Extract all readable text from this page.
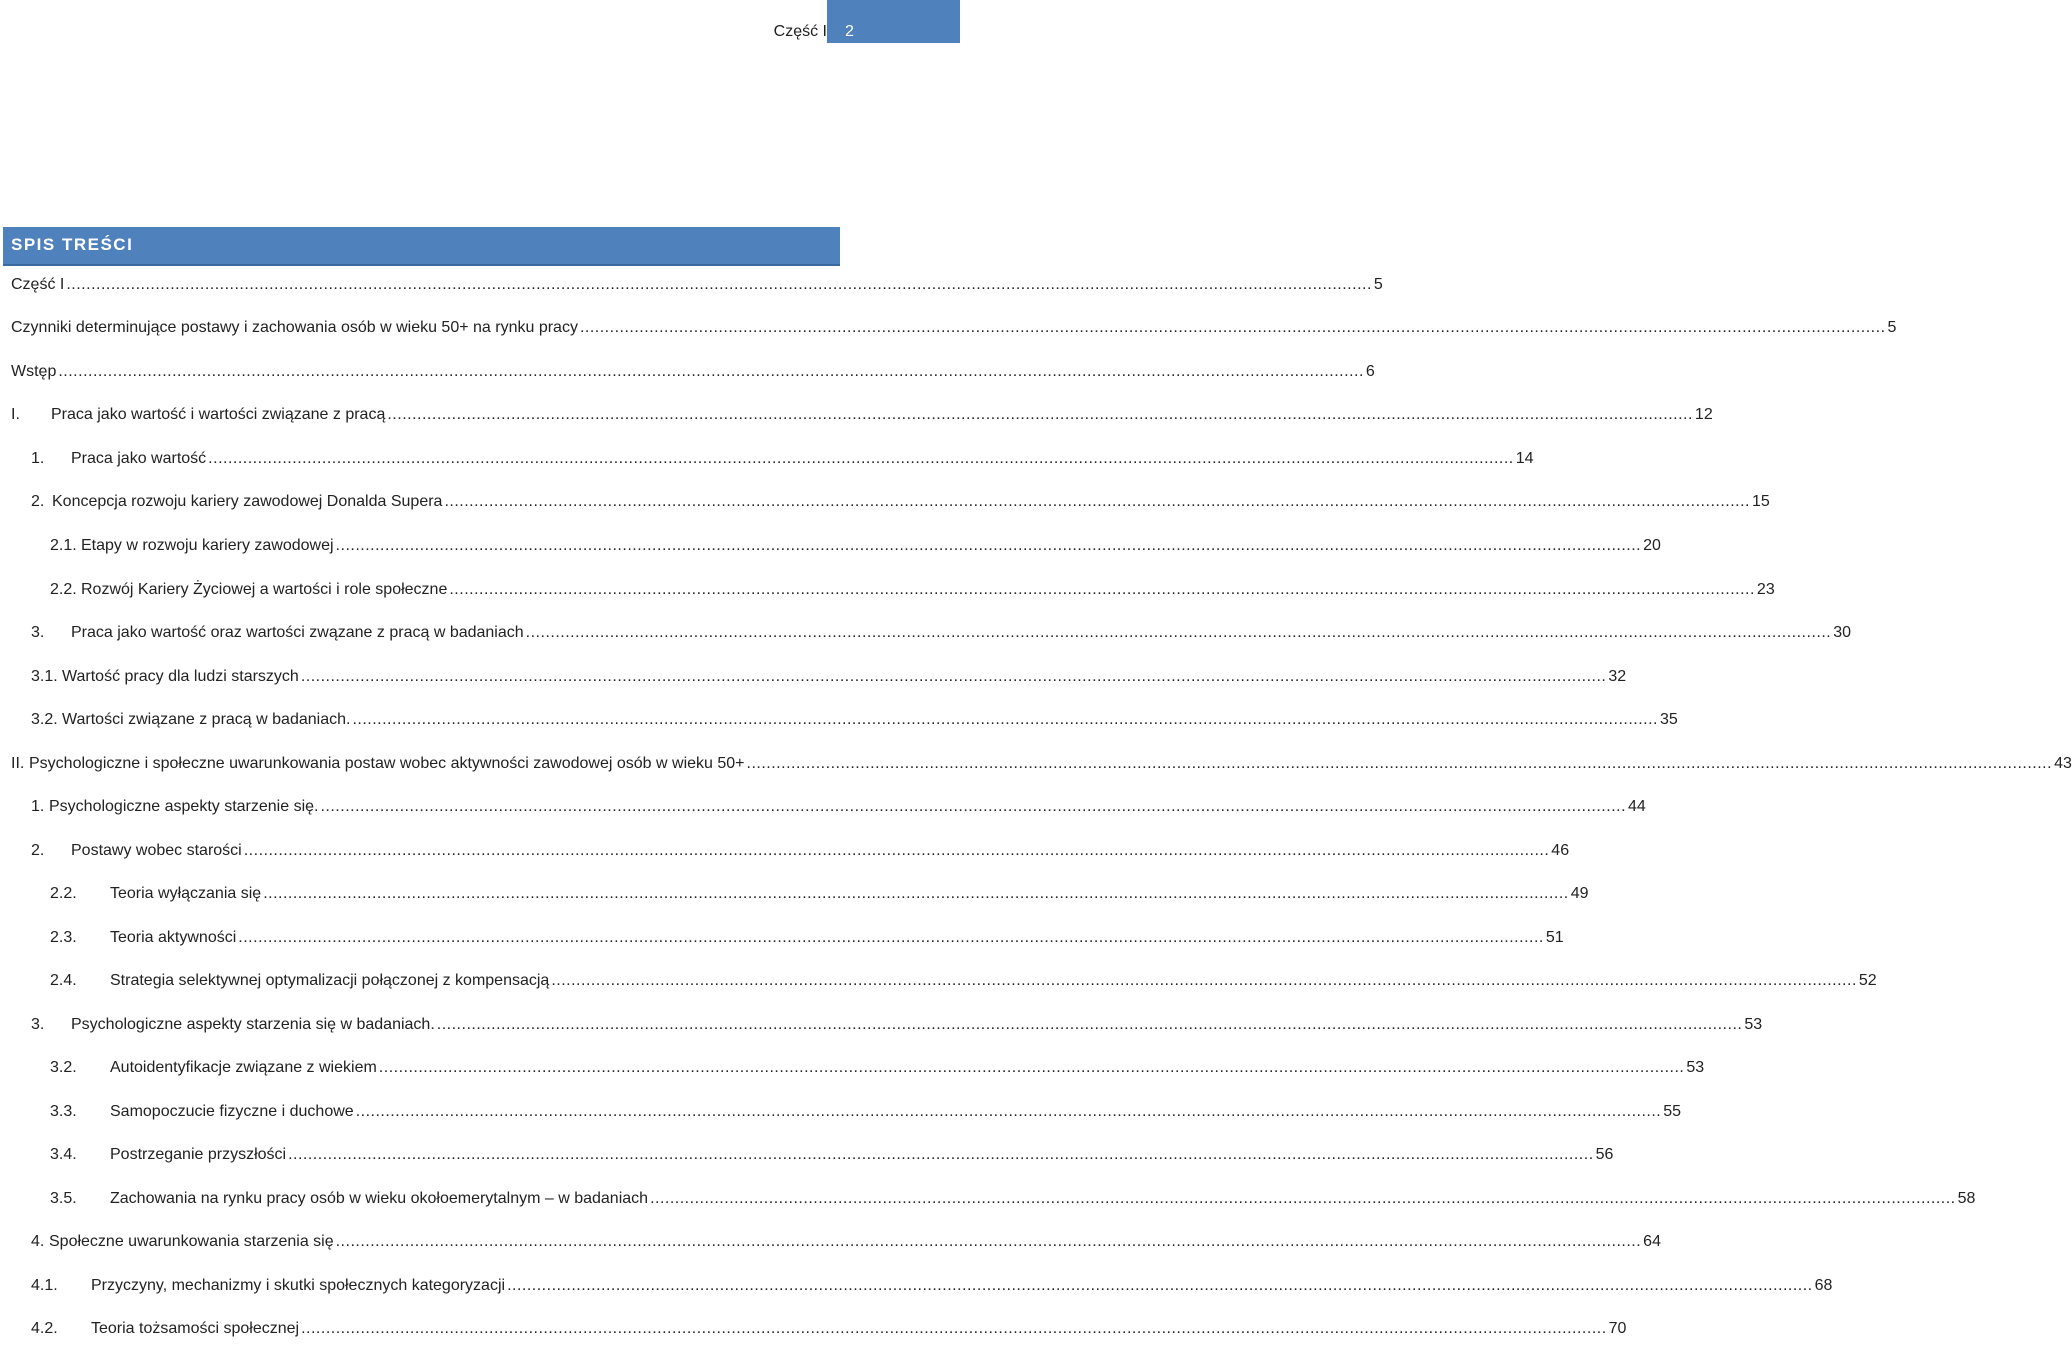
Część I	2
SPIS TREŚCI
Część I .....	5
Czynniki determinujące postawy i zachowania osób w wieku 50+ na rynku pracy .....	5
Wstęp .....	6
I.	Praca jako wartość i wartości związane z pracą .....	12
1.	Praca jako wartość .....	14
2. Koncepcja rozwoju kariery zawodowej Donalda Supera .....	15
2.1. Etapy w rozwoju kariery zawodowej .....	20
2.2. Rozwój Kariery Życiowej a wartości i role społeczne .....	23
3.	Praca jako wartość oraz wartości zwązane z pracą w badaniach .....	30
3.1. Wartość pracy dla ludzi starszych .....	32
3.2. Wartości związane z pracą w badaniach. .....	35
II. Psychologiczne i społeczne uwarunkowania postaw wobec aktywności zawodowej osób w wieku 50+ .....	43
1. Psychologiczne aspekty starzenie się. .....	44
2.	Postawy wobec starości .....	46
2.2.	Teoria wyłączania się .....	49
2.3.	Teoria aktywności .....	51
2.4.	Strategia selektywnej optymalizacji połączonej z kompensacją .....	52
3.	Psychologiczne aspekty starzenia się w badaniach. .....	53
3.2.	Autoidentyfikacje związane z wiekiem .....	53
3.3.	Samopoczucie fizyczne i duchowe .....	55
3.4.	Postrzeganie przyszłości .....	56
3.5.	Zachowania na rynku pracy osób w wieku okołoemerytalnym – w badaniach .....	58
4. Społeczne uwarunkowania starzenia się .....	64
4.1.	Przyczyny, mechanizmy i skutki społecznych kategoryzacji .....	68
4.2.	Teoria tożsamości społecznej .....	70
